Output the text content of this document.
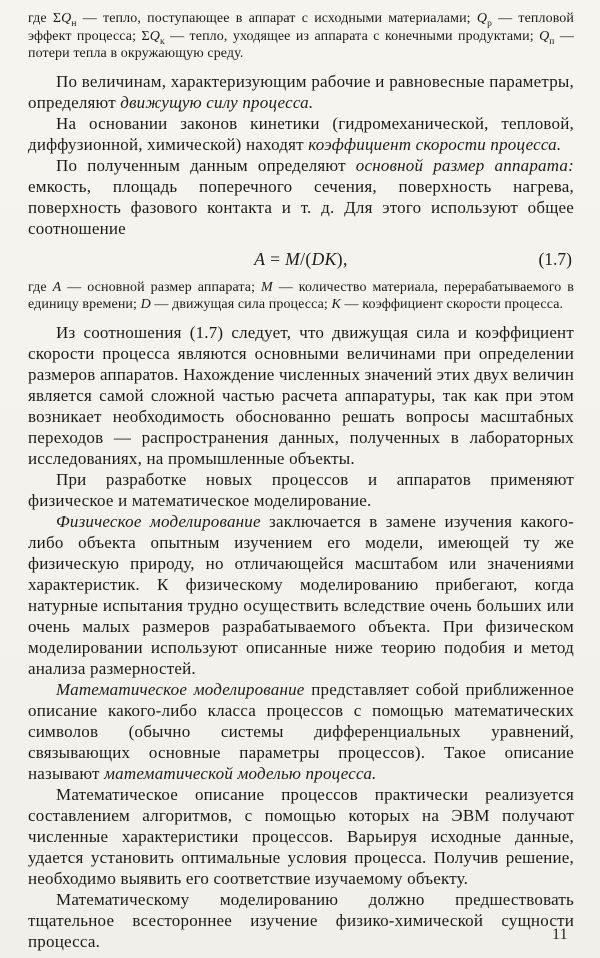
где $\Sigma Q_н$ — тепло, поступающее в аппарат с исходными материалами; $Q_р$ — тепловой эффект процесса; $\Sigma Q_к$ — тепло, уходящее из аппарата с конечными продуктами; $Q_п$ — потери тепла в окружающую среду.

По величинам, характеризующим рабочие и равновесные параметры, определяют движущую силу процесса.

На основании законов кинетики (гидромеханической, тепловой, диффузионной, химической) находят коэффициент скорости процесса.

По полученным данным определяют основной размер аппарата: емкость, площадь поперечного сечения, поверхность нагрева, поверхность фазового контакта и т. д. Для этого используют общее соотношение

A = M/(DK),	(1.7)
где A — основной размер аппарата; M — количество материала, перерабатываемого в единицу времени; D — движущая сила процесса; K — коэффициент скорости процесса.

Из соотношения (1.7) следует, что движущая сила и коэффициент скорости процесса являются основными величинами при определении размеров аппаратов. Нахождение численных значений этих двух величин является самой сложной частью расчета аппаратуры, так как при этом возникает необходимость обоснованно решать вопросы масштабных переходов — распространения данных, полученных в лабораторных исследованиях, на промышленные объекты.

При разработке новых процессов и аппаратов применяют физическое и математическое моделирование.

Физическое моделирование заключается в замене изучения какого-либо объекта опытным изучением его модели, имеющей ту же физическую природу, но отличающейся масштабом или значениями характеристик. К физическому моделированию прибегают, когда натурные испытания трудно осуществить вследствие очень больших или очень малых размеров разрабатываемого объекта. При физическом моделировании используют описанные ниже теорию подобия и метод анализа размерностей.

Математическое моделирование представляет собой приближенное описание какого-либо класса процессов с помощью математических символов (обычно системы дифференциальных уравнений, связывающих основные параметры процессов). Такое описание называют математической моделью процесса.

Математическое описание процессов практически реализуется составлением алгоритмов, с помощью которых на ЭВМ получают численные характеристики процессов. Варьируя исходные данные, удается установить оптимальные условия процесса. Получив решение, необходимо выявить его соответствие изучаемому объекту.

Математическому моделированию должно предшествовать тщательное всестороннее изучение физико-химической сущности процесса.	11
